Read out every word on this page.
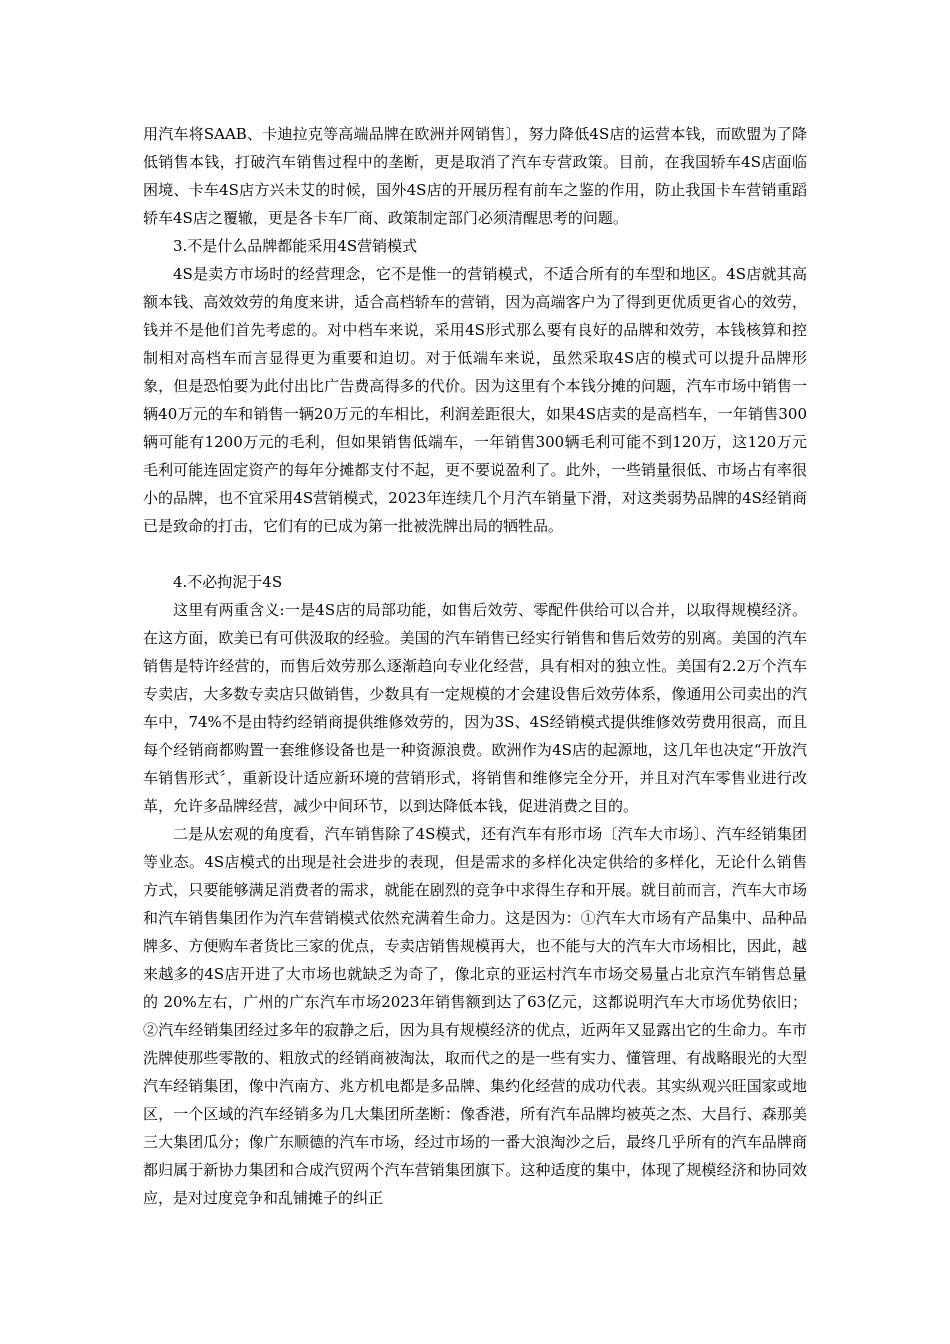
用汽车将SAAB、卡迪拉克等高端品牌在欧洲并网销售〕，努力降低4S店的运营本钱，而欧盟为了降低销售本钱，打破汽车销售过程中的垄断，更是取消了汽车专营政策。目前，在我国轿车4S店面临困境、卡车4S店方兴未艾的时候，国外4S店的开展历程有前车之鉴的作用，防止我国卡车营销重蹈轿车4S店之覆辙，更是各卡车厂商、政策制定部门必须清醒思考的问题。

3.不是什么品牌都能采用4S营销模式

4S是卖方市场时的经营理念，它不是惟一的营销模式，不适合所有的车型和地区。4S店就其高额本钱、高效效劳的角度来讲，适合高档轿车的营销，因为高端客户为了得到更优质更省心的效劳，钱并不是他们首先考虑的。对中档车来说，采用4S形式那么要有良好的品牌和效劳，本钱核算和控制相对高档车而言显得更为重要和迫切。对于低端车来说，虽然采取4S店的模式可以提升品牌形象，但是恐怕要为此付出比广告费高得多的代价。因为这里有个本钱分摊的问题，汽车市场中销售一辆40万元的车和销售一辆20万元的车相比，利润差距很大，如果4S店卖的是高档车，一年销售300辆可能有1200万元的毛利，但如果销售低端车，一年销售300辆毛利可能不到120万，这120万元毛利可能连固定资产的每年分摊都支付不起，更不要说盈利了。此外，一些销量很低、市场占有率很小的品牌，也不宜采用4S营销模式，2023年连续几个月汽车销量下滑，对这类弱势品牌的4S经销商已是致命的打击，它们有的已成为第一批被洗牌出局的牺牲品。

4.不必拘泥于4S

这里有两重含义:一是4S店的局部功能，如售后效劳、零配件供给可以合并，以取得规模经济。在这方面，欧美已有可供汲取的经验。美国的汽车销售已经实行销售和售后效劳的别离。美国的汽车销售是特许经营的，而售后效劳那么逐渐趋向专业化经营，具有相对的独立性。美国有2.2万个汽车专卖店，大多数专卖店只做销售，少数具有一定规模的才会建设售后效劳体系，像通用公司卖出的汽车中，74%不是由特约经销商提供维修效劳的，因为3S、4S经销模式提供维修效劳费用很高，而且每个经销商都购置一套维修设备也是一种资源浪费。欧洲作为4S店的起源地，这几年也决定“开放汽车销售形式〞，重新设计适应新环境的营销形式，将销售和维修完全分开，并且对汽车零售业进行改革，允许多品牌经营，减少中间环节，以到达降低本钱，促进消费之目的。

二是从宏观的角度看，汽车销售除了4S模式，还有汽车有形市场〔汽车大市场〕、汽车经销集团等业态。4S店模式的出现是社会进步的表现，但是需求的多样化决定供给的多样化，无论什么销售方式，只要能够满足消费者的需求，就能在剧烈的竞争中求得生存和开展。就目前而言，汽车大市场和汽车销售集团作为汽车营销模式依然充满着生命力。这是因为：①汽车大市场有产品集中、品种品牌多、方便购车者货比三家的优点，专卖店销售规模再大，也不能与大的汽车大市场相比，因此，越来越多的4S店开进了大市场也就缺乏为奇了，像北京的亚运村汽车市场交易量占北京汽车销售总量的 20%左右，广州的广东汽车市场2023年销售额到达了63亿元，这都说明汽车大市场优势依旧；②汽车经销集团经过多年的寂静之后，因为具有规模经济的优点，近两年又显露出它的生命力。车市洗牌使那些零散的、粗放式的经销商被淘汰，取而代之的是一些有实力、懂管理、有战略眼光的大型汽车经销集团，像中汽南方、兆方机电都是多品牌、集约化经营的成功代表。其实纵观兴旺国家或地区，一个区域的汽车经销多为几大集团所垄断：像香港，所有汽车品牌均被英之杰、大昌行、森那美三大集团瓜分；像广东顺德的汽车市场，经过市场的一番大浪淘沙之后，最终几乎所有的汽车品牌商都归属于新协力集团和合成汽贸两个汽车营销集团旗下。这种适度的集中，体现了规模经济和协同效应，是对过度竞争和乱铺摊子的纠正
